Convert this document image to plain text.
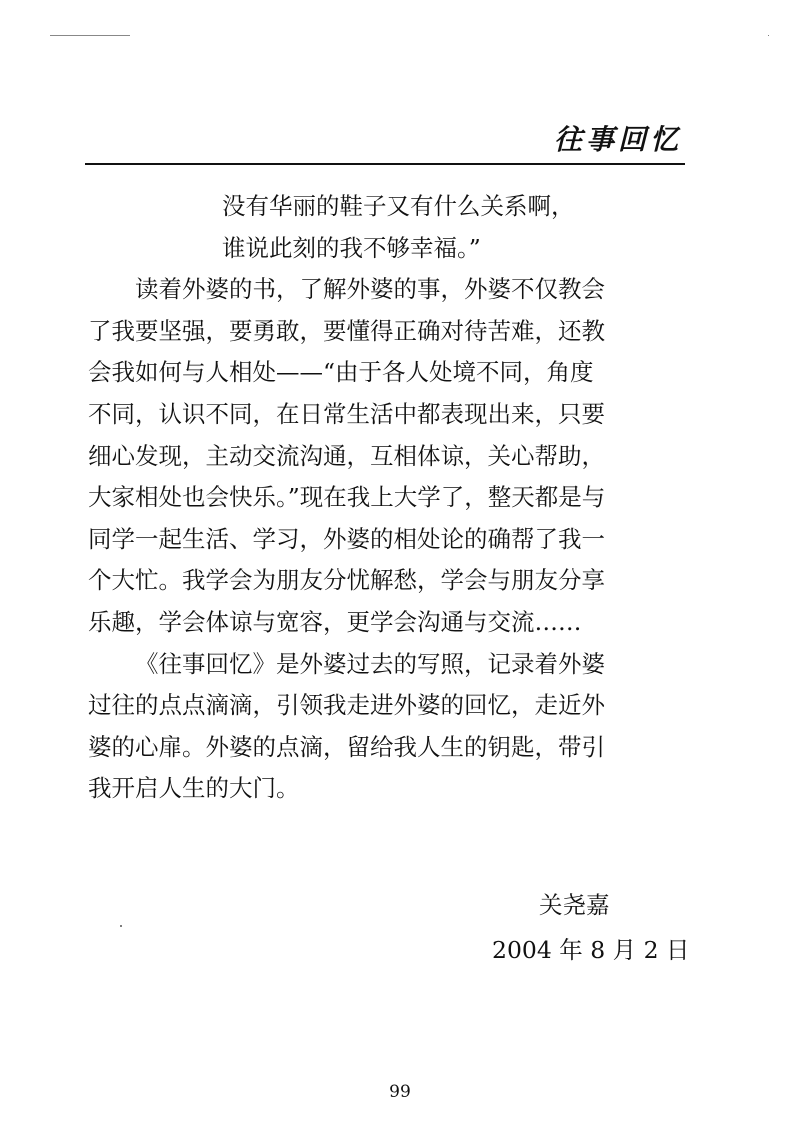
往事回忆
没有华丽的鞋子又有什么关系啊，
谁说此刻的我不够幸福。”
读着外婆的书，了解外婆的事，外婆不仅教会
了我要坚强，要勇敢，要懂得正确对待苦难，还教
会我如何与人相处——“由于各人处境不同，角度
不同，认识不同，在日常生活中都表现出来，只要
细心发现，主动交流沟通，互相体谅，关心帮助，
大家相处也会快乐。”现在我上大学了，整天都是与
同学一起生活、学习，外婆的相处论的确帮了我一
个大忙。我学会为朋友分忧解愁，学会与朋友分享
乐趣，学会体谅与宽容，更学会沟通与交流……
《往事回忆》是外婆过去的写照，记录着外婆
过往的点点滴滴，引领我走进外婆的回忆，走近外
婆的心扉。外婆的点滴，留给我人生的钥匙，带引
我开启人生的大门。
关尧嘉
2004 年 8 月 2 日
99
